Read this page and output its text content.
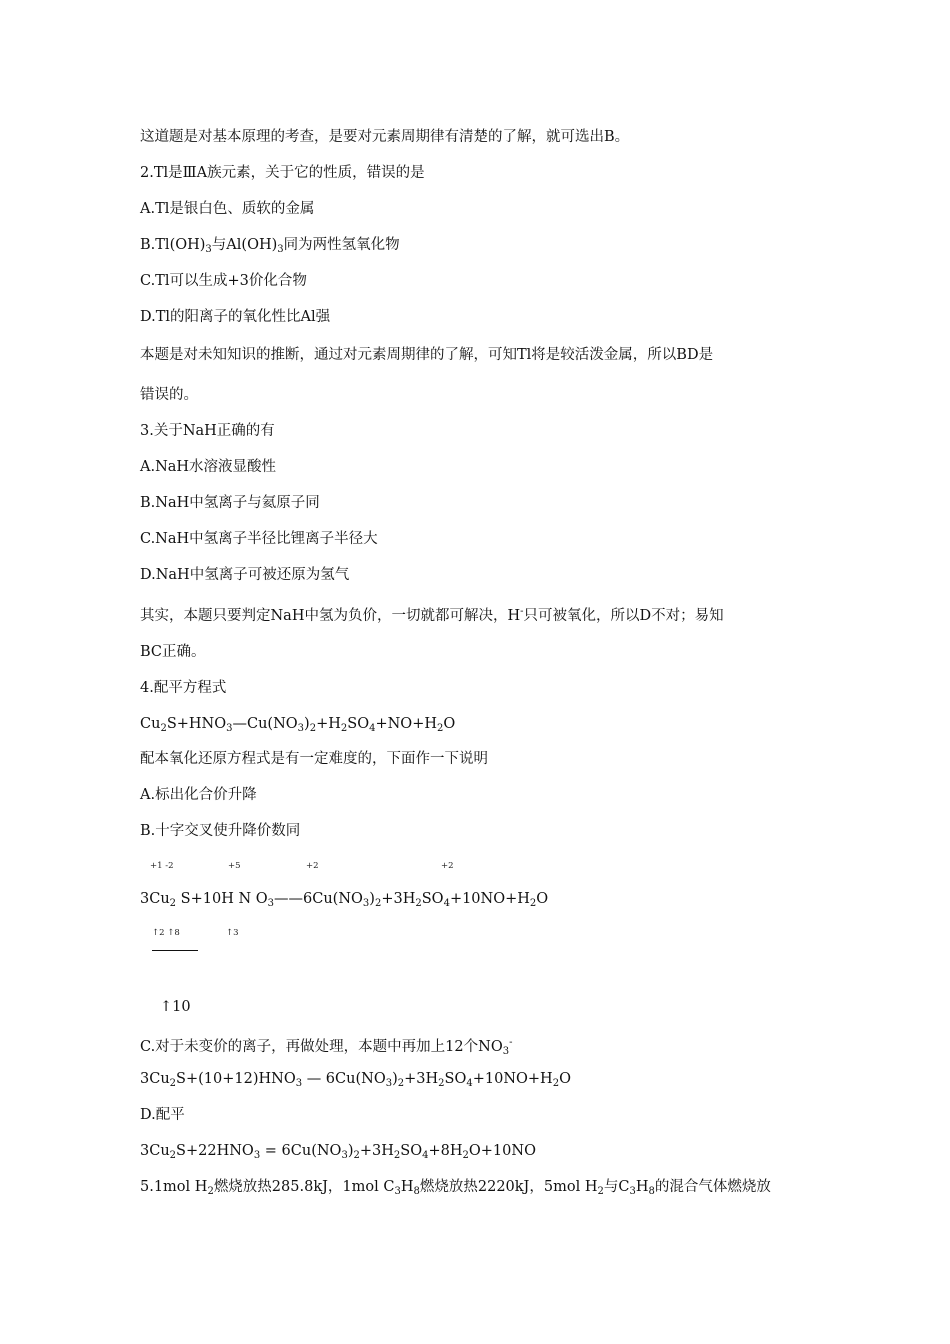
这道题是对基本原理的考查，是要对元素周期律有清楚的了解，就可选出B。
2.Tl是ⅢA族元素，关于它的性质，错误的是
A.Tl是银白色、质软的金属
$B.Tl(OH)_3$与$Al(OH)_3$同为两性氢氧化物
C.Tl可以生成+3价化合物
D.Tl的阳离子的氧化性比Al强
本题是对未知知识的推断，通过对元素周期律的了解，可知Tl将是较活泼金属，所以BD是
错误的。
3.关于NaH正确的有
A.NaH水溶液显酸性
B.NaH中氢离子与氦原子同
C.NaH中氢离子半径比锂离子半径大
D.NaH中氢离子可被还原为氢气
其实，本题只要判定NaH中氢为负价，一切就都可解决，H-只可被氧化，所以D不对；易知
BC正确。
4.配平方程式
$Cu_2S+HNO_3—Cu(NO_3)_2+H_2SO_4+NO+H_2O$
配本氧化还原方程式是有一定难度的，下面作一下说明
A.标出化合价升降
B.十字交叉使升降价数同
+1 -2	+5	+2	+2
$3Cu_2$ S+10H N $O_3——6Cu(NO_3)_2+3H_2SO_4+10NO+H_2O$
↑2 ↑8	↑3
↑10
C.对于未变价的离子，再做处理，本题中再加上12个$NO_3^-$
$3Cu_2S+(10+12)HNO_3$ — $6Cu(NO_3)_2+3H_2SO_4+10NO+H_2O$
D.配平
$3Cu_2S+22HNO_3 = 6Cu(NO_3)_2+3H_2SO_4+8H_2O+10NO$
5.1mol $H_2$燃烧放热285.8kJ，1mol $C_3H_8$燃烧放热2220kJ，5mol $H_2$与$C_3H_8$的混合气体燃烧放
